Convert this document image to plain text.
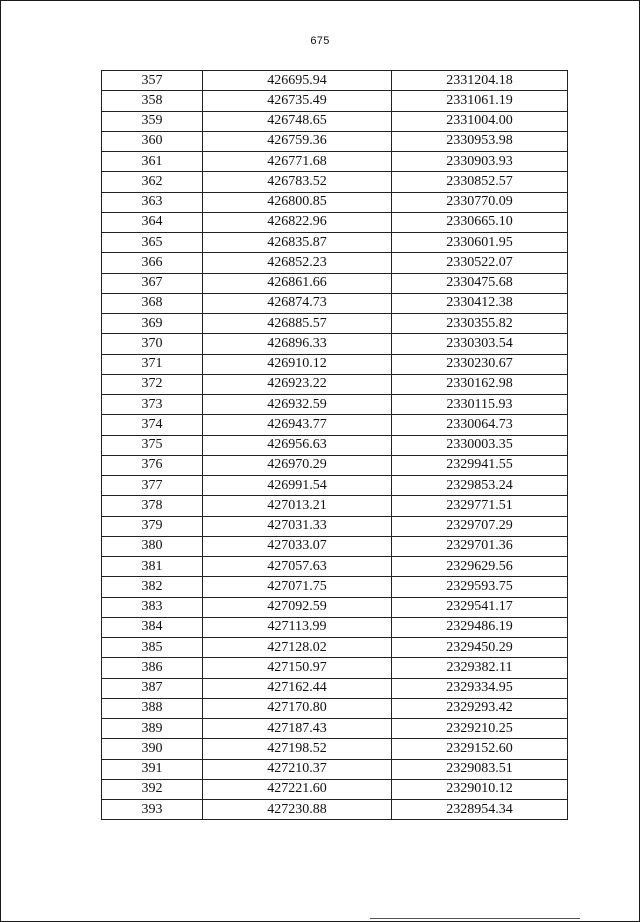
675
357	426695.94	2331204.18
358	426735.49	2331061.19
359	426748.65	2331004.00
360	426759.36	2330953.98
361	426771.68	2330903.93
362	426783.52	2330852.57
363	426800.85	2330770.09
364	426822.96	2330665.10
365	426835.87	2330601.95
366	426852.23	2330522.07
367	426861.66	2330475.68
368	426874.73	2330412.38
369	426885.57	2330355.82
370	426896.33	2330303.54
371	426910.12	2330230.67
372	426923.22	2330162.98
373	426932.59	2330115.93
374	426943.77	2330064.73
375	426956.63	2330003.35
376	426970.29	2329941.55
377	426991.54	2329853.24
378	427013.21	2329771.51
379	427031.33	2329707.29
380	427033.07	2329701.36
381	427057.63	2329629.56
382	427071.75	2329593.75
383	427092.59	2329541.17
384	427113.99	2329486.19
385	427128.02	2329450.29
386	427150.97	2329382.11
387	427162.44	2329334.95
388	427170.80	2329293.42
389	427187.43	2329210.25
390	427198.52	2329152.60
391	427210.37	2329083.51
392	427221.60	2329010.12
393	427230.88	2328954.34
